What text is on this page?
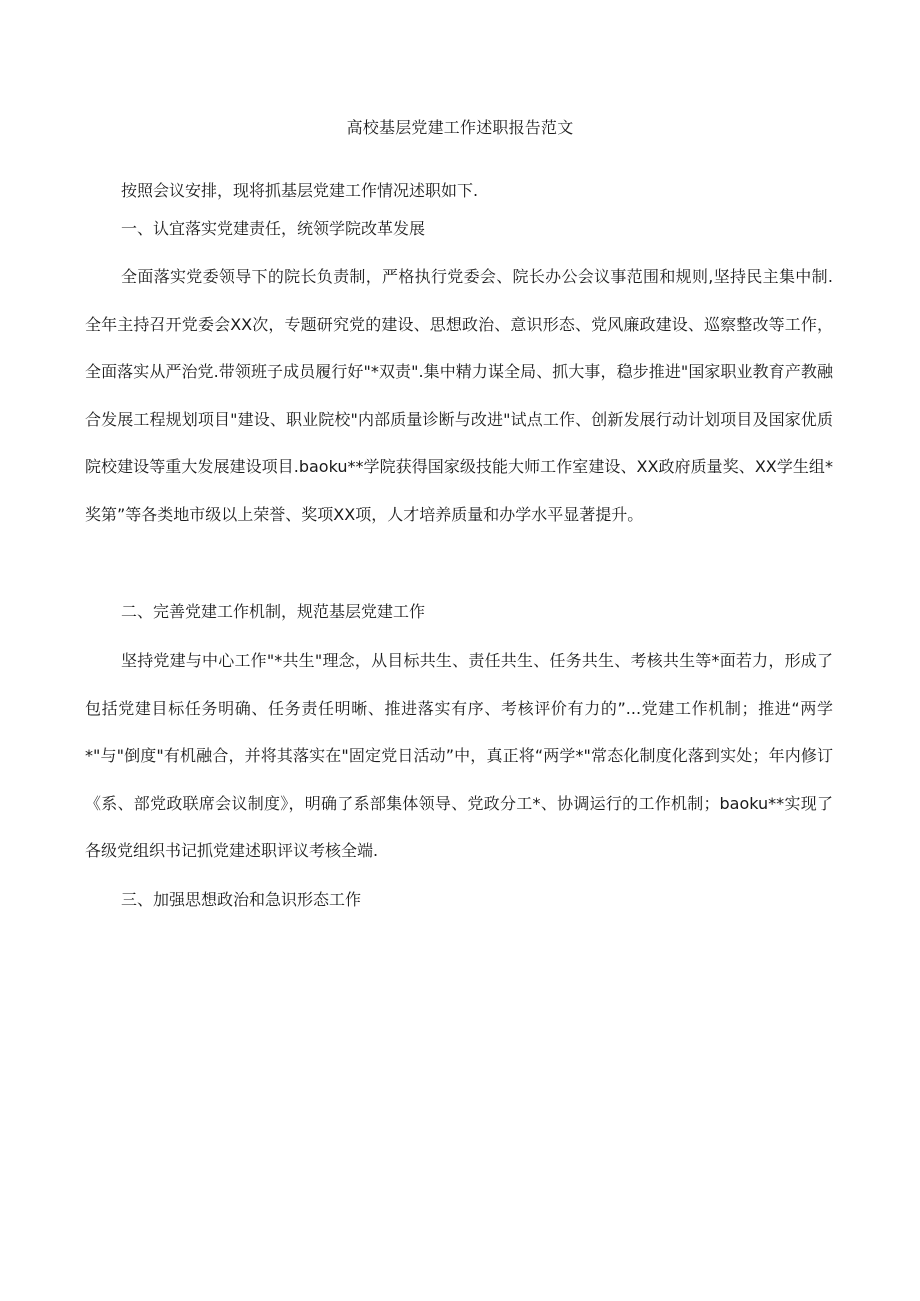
高校基层党建工作述职报告范文

按照会议安排，现将抓基层党建工作情况述职如下.

一、认宜落实党建责任，统领学院改革发展

全面落实党委领导下的院长负责制，严格执行党委会、院长办公会议事范围和规则,坚持民主集中制.全年主持召开党委会XX次，专题研究党的建设、思想政治、意识形态、党风廉政建设、巡察整改等工作，全面落实从严治党.带领班子成员履行好"*双责".集中精力谋全局、抓大事，稳步推进"国家职业教育产教融合发展工程规划项目"建设、职业院校"内部质量诊断与改进"试点工作、创新发展行动计划项目及国家优质院校建设等重大发展建设项目.baoku**学院获得国家级技能大师工作室建设、XX政府质量奖、XX学生组*奖第”等各类地市级以上荣誉、奖项XX项，人才培养质量和办学水平显著提升。

二、完善党建工作机制，规范基层党建工作

坚持党建与中心工作"*共生"理念，从目标共生、责任共生、任务共生、考核共生等*面若力，形成了包括党建目标任务明确、任务责任明晰、推进落实有序、考核评价有力的”...党建工作机制；推进“两学*"与"倒度"有机融合，并将其落实在"固定党日活动”中，真正将“两学*"常态化制度化落到实处；年内修订《系、部党政联席会议制度》，明确了系部集体领导、党政分工*、协调运行的工作机制；baoku**实现了各级党组织书记抓党建述职评议考核全端.

三、加强思想政治和急识形态工作
